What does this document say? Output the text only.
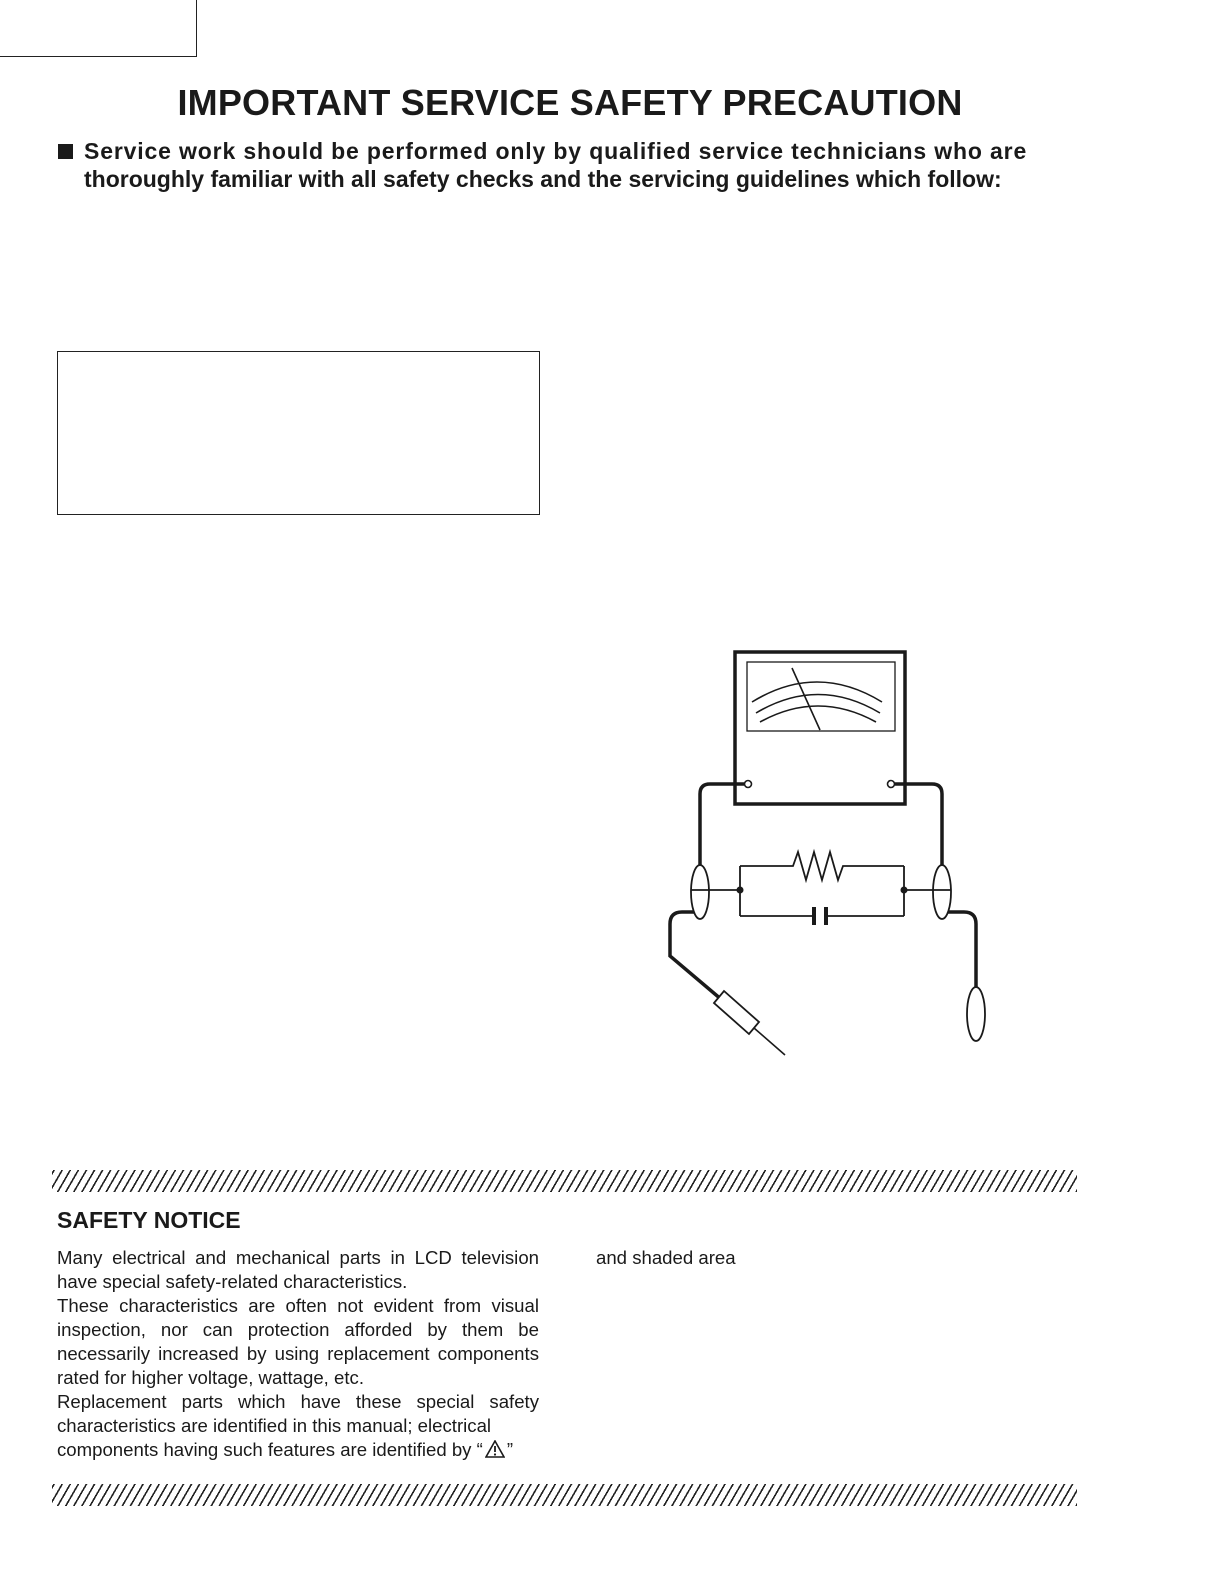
IMPORTANT SERVICE SAFETY PRECAUTION
Service work should be performed only by qualified service technicians who are
thoroughly familiar with all safety checks and the servicing guidelines which follow:
SAFETY NOTICE

Many electrical and mechanical parts in LCD television have special safety-related characteristics.

These characteristics are often not evident from visual inspection, nor can protection afforded by them be necessarily increased by using replacement components rated for higher voltage, wattage, etc.

Replacement parts which have these special safety characteristics are identified in this manual; electrical

components having such features are identified by “ ”

and shaded area
